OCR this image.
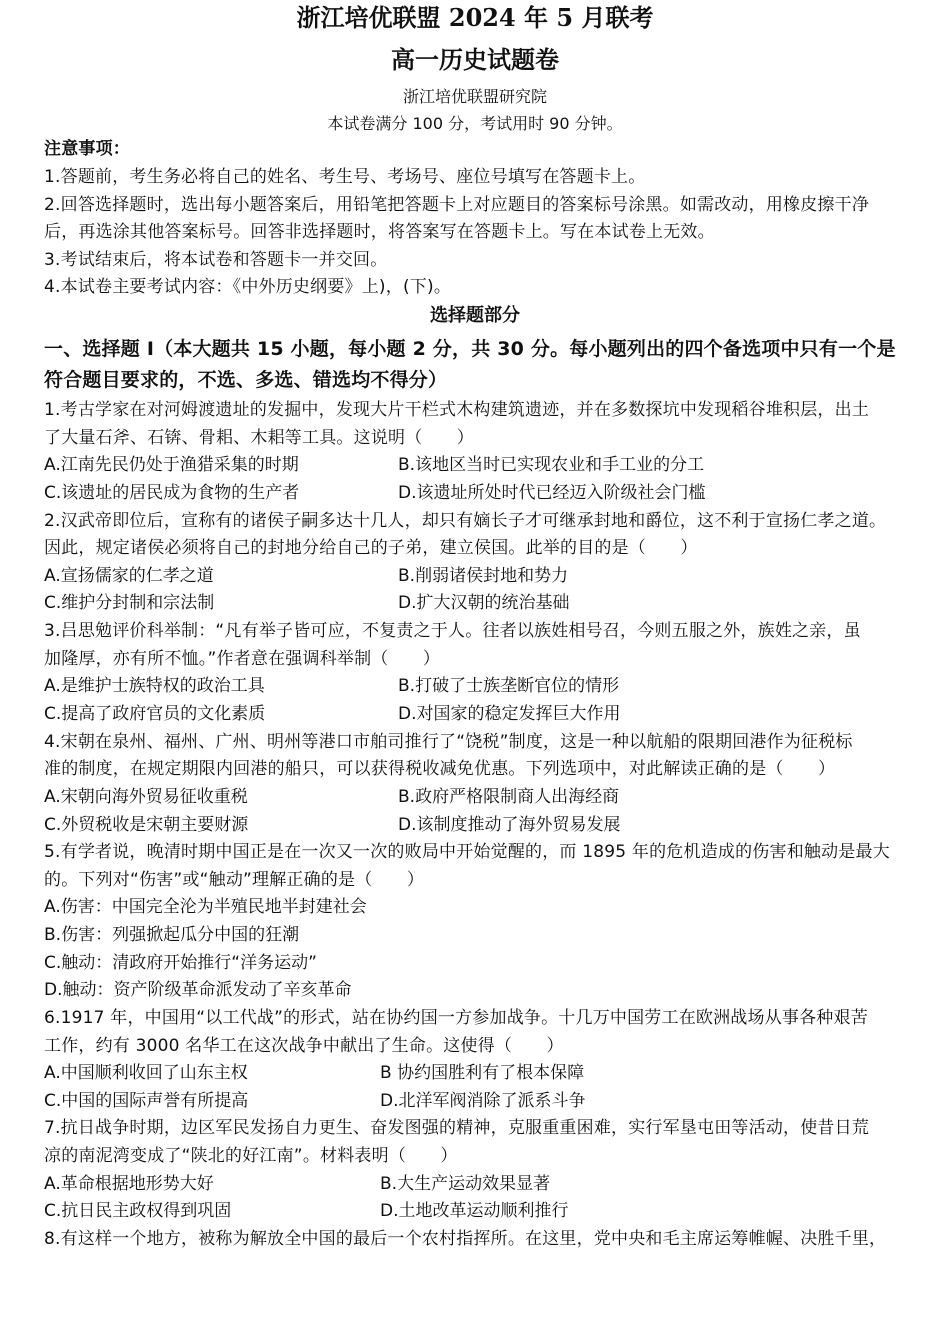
浙江培优联盟 2024 年 5 月联考
高一历史试题卷
浙江培优联盟研究院
本试卷满分 100 分，考试用时 90 分钟。
注意事项：
1.答题前，考生务必将自己的姓名、考生号、考场号、座位号填写在答题卡上。
2.回答选择题时，选出每小题答案后，用铅笔把答题卡上对应题目的答案标号涂黑。如需改动，用橡皮擦干净
后，再选涂其他答案标号。回答非选择题时，将答案写在答题卡上。写在本试卷上无效。
3.考试结束后，将本试卷和答题卡一并交回。
4.本试卷主要考试内容：《中外历史纲要》上)，(下)。
选择题部分
一、选择题 I（本大题共 15 小题，每小题 2 分，共 30 分。每小题列出的四个备选项中只有一个是
符合题目要求的，不选、多选、错选均不得分）
1.考古学家在对河姆渡遗址的发掘中，发现大片干栏式木构建筑遗迹，并在多数探坑中发现稻谷堆积层，出土
了大量石斧、石锛、骨耜、木耜等工具。这说明（　　）
A.江南先民仍处于渔猎采集的时期	B.该地区当时已实现农业和手工业的分工
C.该遗址的居民成为食物的生产者	D.该遗址所处时代已经迈入阶级社会门槛
2.汉武帝即位后，宣称有的诸侯子嗣多达十几人，却只有嫡长子才可继承封地和爵位，这不利于宣扬仁孝之道。
因此，规定诸侯必须将自己的封地分给自己的子弟，建立侯国。此举的目的是（　　）
A.宣扬儒家的仁孝之道	B.削弱诸侯封地和势力
C.维护分封制和宗法制	D.扩大汉朝的统治基础
3.吕思勉评价科举制：“凡有举子皆可应，不复责之于人。往者以族姓相号召，今则五服之外，族姓之亲，虽
加隆厚，亦有所不恤。”作者意在强调科举制（　　）
A.是维护士族特权的政治工具	B.打破了士族垄断官位的情形
C.提高了政府官员的文化素质	D.对国家的稳定发挥巨大作用
4.宋朝在泉州、福州、广州、明州等港口市舶司推行了“饶税”制度，这是一种以航船的限期回港作为征税标
准的制度，在规定期限内回港的船只，可以获得税收减免优惠。下列选项中，对此解读正确的是（　　）
A.宋朝向海外贸易征收重税	B.政府严格限制商人出海经商
C.外贸税收是宋朝主要财源	D.该制度推动了海外贸易发展
5.有学者说，晚清时期中国正是在一次又一次的败局中开始觉醒的，而 1895 年的危机造成的伤害和触动是最大
的。下列对“伤害”或“触动”理解正确的是（　　）
A.伤害：中国完全沦为半殖民地半封建社会
B.伤害：列强掀起瓜分中国的狂潮
C.触动：清政府开始推行“洋务运动”
D.触动：资产阶级革命派发动了辛亥革命
6.1917 年，中国用“以工代战”的形式，站在协约国一方参加战争。十几万中国劳工在欧洲战场从事各种艰苦
工作，约有 3000 名华工在这次战争中献出了生命。这使得（　　）
A.中国顺利收回了山东主权	B 协约国胜利有了根本保障
C.中国的国际声誉有所提高	D.北洋军阀消除了派系斗争
7.抗日战争时期，边区军民发扬自力更生、奋发图强的精神，克服重重困难，实行军垦屯田等活动，使昔日荒
凉的南泥湾变成了“陕北的好江南”。材料表明（　　）
A.革命根据地形势大好	B.大生产运动效果显著
C.抗日民主政权得到巩固	D.土地改革运动顺利推行
8.有这样一个地方，被称为解放全中国的最后一个农村指挥所。在这里，党中央和毛主席运筹帷幄、决胜千里，
